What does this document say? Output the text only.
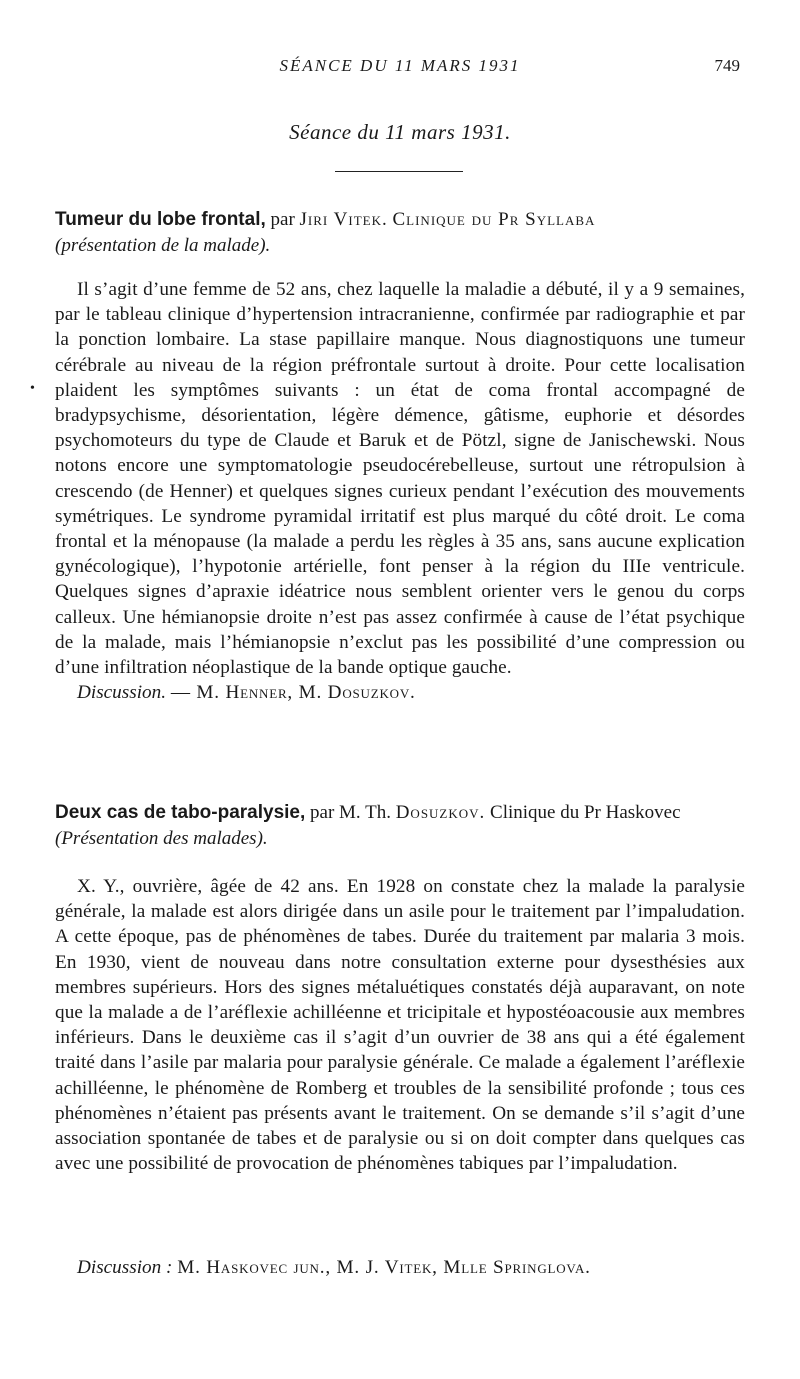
SÉANCE DU 11 MARS 1931	749
Séance du 11 mars 1931.
•

Tumeur du lobe frontal, par Jiri Vitek. Clinique du Pr Syllaba
(présentation de la malade).

Il s’agit d’une femme de 52 ans, chez laquelle la maladie a débuté, il y a 9 semaines, par le tableau clinique d’hypertension intracranienne, confirmée par radiographie et par la ponction lombaire. La stase papillaire manque. Nous diagnostiquons une tumeur cérébrale au niveau de la région préfrontale surtout à droite. Pour cette localisation plaident les symptômes suivants : un état de coma frontal accompagné de bradypsychisme, désorientation, légère démence, gâtisme, euphorie et désordes psychomoteurs du type de Claude et Baruk et de Pötzl, signe de Janischewski. Nous notons encore une symptomatologie pseudocérebelleuse, surtout une rétropulsion à crescendo (de Henner) et quelques signes curieux pendant l’exécution des mouvements symétriques. Le syndrome pyramidal irritatif est plus marqué du côté droit. Le coma frontal et la ménopause (la malade a perdu les règles à 35 ans, sans aucune explication gynécologique), l’hypotonie artérielle, font penser à la région du IIIe ventricule. Quelques signes d’apraxie idéatrice nous semblent orienter vers le genou du corps calleux. Une hémianopsie droite n’est pas assez confirmée à cause de l’état psychique de la malade, mais l’hémianopsie n’exclut pas les possibilité d’une compression ou d’une infiltration néoplastique de la bande optique gauche.

Discussion. — M. Henner, M. Dosuzkov.

Deux cas de tabo-paralysie, par M. Th. Dosuzkov. Clinique du Pr Haskovec
(Présentation des malades).

X. Y., ouvrière, âgée de 42 ans. En 1928 on constate chez la malade la paralysie générale, la malade est alors dirigée dans un asile pour le traitement par l’impaludation. A cette époque, pas de phénomènes de tabes. Durée du traitement par malaria 3 mois. En 1930, vient de nouveau dans notre consultation externe pour dysesthésies aux membres supérieurs. Hors des signes métaluétiques constatés déjà auparavant, on note que la malade a de l’aréflexie achilléenne et tricipitale et hypostéoacousie aux membres inférieurs. Dans le deuxième cas il s’agit d’un ouvrier de 38 ans qui a été également traité dans l’asile par malaria pour paralysie générale. Ce malade a également l’aréflexie achilléenne, le phénomène de Romberg et troubles de la sensibilité profonde ; tous ces phénomènes n’étaient pas présents avant le traitement. On se demande s’il s’agit d’une association spontanée de tabes et de paralysie ou si on doit compter dans quelques cas avec une possibilité de provocation de phénomènes tabiques par l’impaludation.

Discussion : M. Haskovec jun., M. J. Vitek, Mlle Springlova.
